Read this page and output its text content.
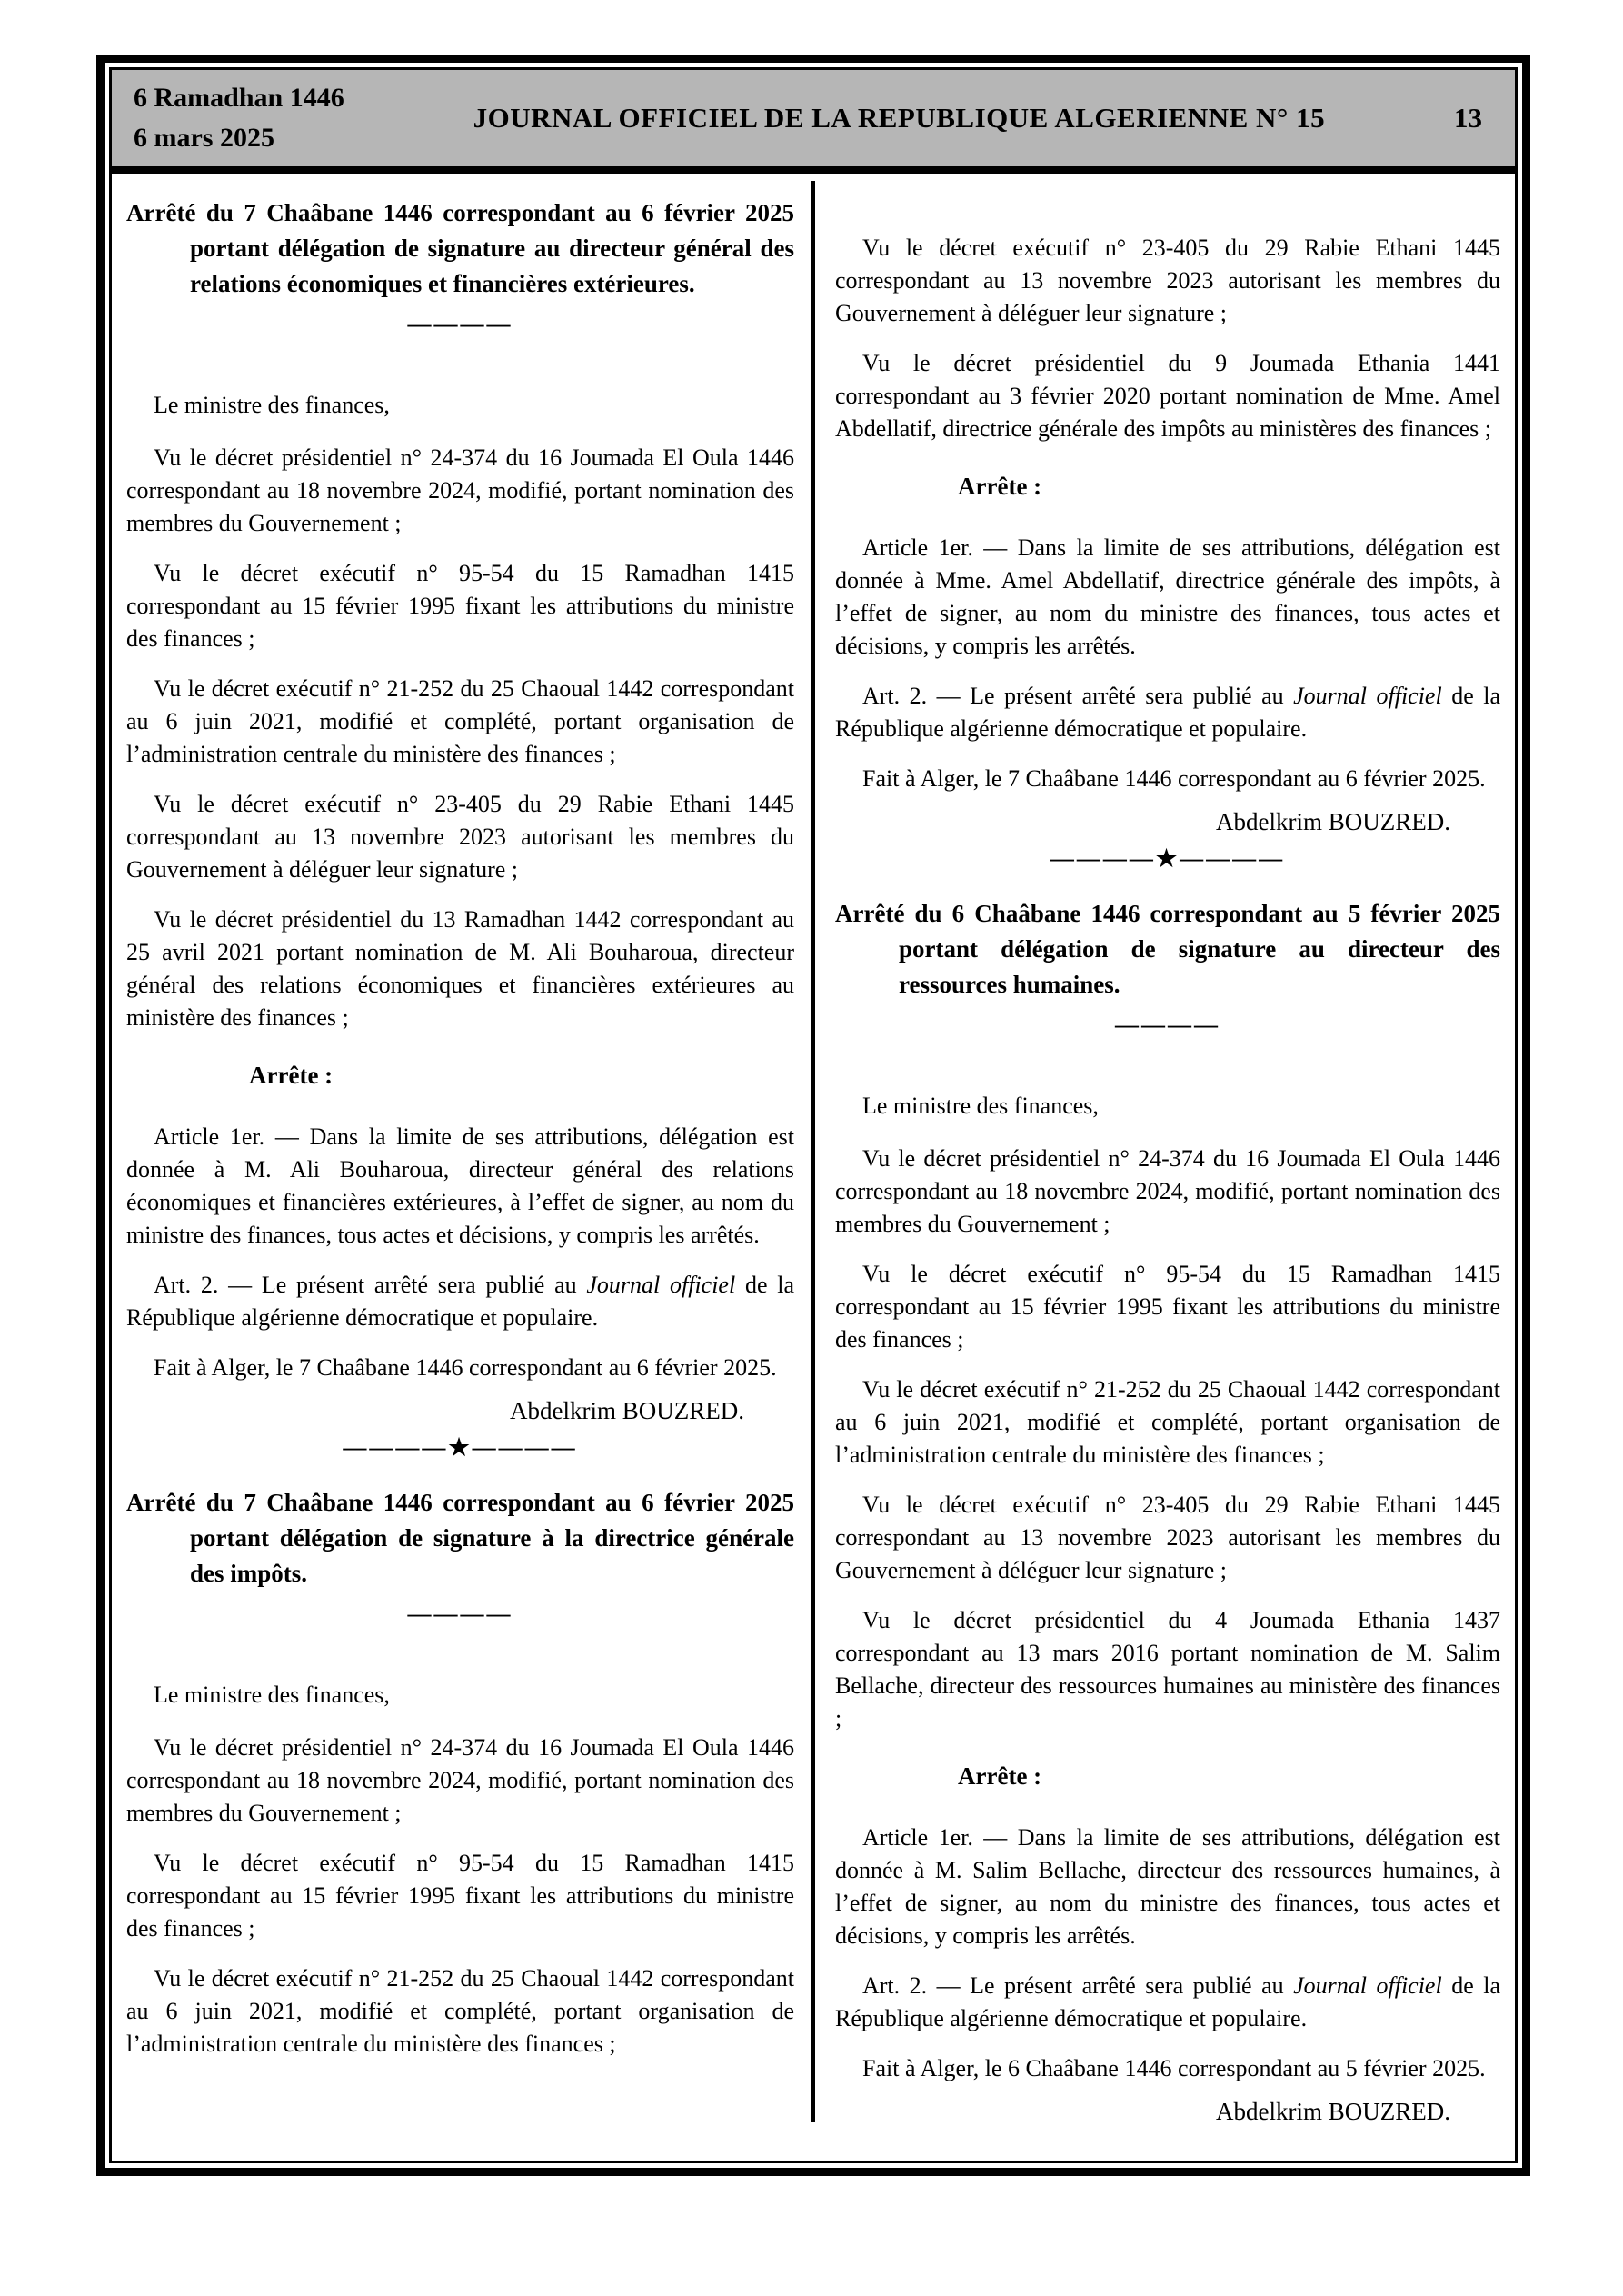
6 Ramadhan 1446
6 mars 2025
JOURNAL OFFICIEL DE LA REPUBLIQUE ALGERIENNE N° 15	13

Arrêté du 7 Chaâbane 1446 correspondant au 6 février 2025 portant délégation de signature au directeur général des relations économiques et financières extérieures.

————

Le ministre des finances,

Vu le décret présidentiel n° 24-374 du 16 Joumada El Oula 1446 correspondant au 18 novembre 2024, modifié, portant nomination des membres du Gouvernement ;

Vu le décret exécutif n° 95-54 du 15 Ramadhan 1415 correspondant au 15 février 1995 fixant les attributions du ministre des finances ;

Vu le décret exécutif n° 21-252 du 25 Chaoual 1442 correspondant au 6 juin 2021, modifié et complété, portant organisation de l’administration centrale du ministère des finances ;

Vu le décret exécutif n° 23-405 du 29 Rabie Ethani 1445 correspondant au 13 novembre 2023 autorisant les membres du Gouvernement à déléguer leur signature ;

Vu le décret présidentiel du 13 Ramadhan 1442 correspondant au 25 avril 2021 portant nomination de M. Ali Bouharoua, directeur général des relations économiques et financières extérieures au ministère des finances ;

Arrête :

Article 1er. — Dans la limite de ses attributions, délégation est donnée à M. Ali Bouharoua, directeur général des relations économiques et financières extérieures, à l’effet de signer, au nom du ministre des finances, tous actes et décisions, y compris les arrêtés.

Art. 2. — Le présent arrêté sera publié au Journal officiel de la République algérienne démocratique et populaire.

Fait à Alger, le 7 Chaâbane 1446 correspondant au 6 février 2025.

Abdelkrim BOUZRED.

————★————

Arrêté du 7 Chaâbane 1446 correspondant au 6 février 2025 portant délégation de signature à la directrice générale des impôts.

————

Le ministre des finances,

Vu le décret présidentiel n° 24-374 du 16 Joumada El Oula 1446 correspondant au 18 novembre 2024, modifié, portant nomination des membres du Gouvernement ;

Vu le décret exécutif n° 95-54 du 15 Ramadhan 1415 correspondant au 15 février 1995 fixant les attributions du ministre des finances ;

Vu le décret exécutif n° 21-252 du 25 Chaoual 1442 correspondant au 6 juin 2021, modifié et complété, portant organisation de l’administration centrale du ministère des finances ;

Vu le décret exécutif n° 23-405 du 29 Rabie Ethani 1445 correspondant au 13 novembre 2023 autorisant les membres du Gouvernement à déléguer leur signature ;

Vu le décret présidentiel du 9 Joumada Ethania 1441 correspondant au 3 février 2020 portant nomination de Mme. Amel Abdellatif, directrice générale des impôts au ministères des finances ;

Arrête :

Article 1er. — Dans la limite de ses attributions, délégation est donnée à Mme. Amel Abdellatif, directrice générale des impôts, à l’effet de signer, au nom du ministre des finances, tous actes et décisions, y compris les arrêtés.

Art. 2. — Le présent arrêté sera publié au Journal officiel de la République algérienne démocratique et populaire.

Fait à Alger, le 7 Chaâbane 1446 correspondant au 6 février 2025.

Abdelkrim BOUZRED.

————★————

Arrêté du 6 Chaâbane 1446 correspondant au 5 février 2025 portant délégation de signature au directeur des ressources humaines.

————

Le ministre des finances,

Vu le décret présidentiel n° 24-374 du 16 Joumada El Oula 1446 correspondant au 18 novembre 2024, modifié, portant nomination des membres du Gouvernement ;

Vu le décret exécutif n° 95-54 du 15 Ramadhan 1415 correspondant au 15 février 1995 fixant les attributions du ministre des finances ;

Vu le décret exécutif n° 21-252 du 25 Chaoual 1442 correspondant au 6 juin 2021, modifié et complété, portant organisation de l’administration centrale du ministère des finances ;

Vu le décret exécutif n° 23-405 du 29 Rabie Ethani 1445 correspondant au 13 novembre 2023 autorisant les membres du Gouvernement à déléguer leur signature ;

Vu le décret présidentiel du 4 Joumada Ethania 1437 correspondant au 13 mars 2016 portant nomination de M. Salim Bellache, directeur des ressources humaines au ministère des finances ;

Arrête :

Article 1er. — Dans la limite de ses attributions, délégation est donnée à M. Salim Bellache, directeur des ressources humaines, à l’effet de signer, au nom du ministre des finances, tous actes et décisions, y compris les arrêtés.

Art. 2. — Le présent arrêté sera publié au Journal officiel de la République algérienne démocratique et populaire.

Fait à Alger, le 6 Chaâbane 1446 correspondant au 5 février 2025.

Abdelkrim BOUZRED.
